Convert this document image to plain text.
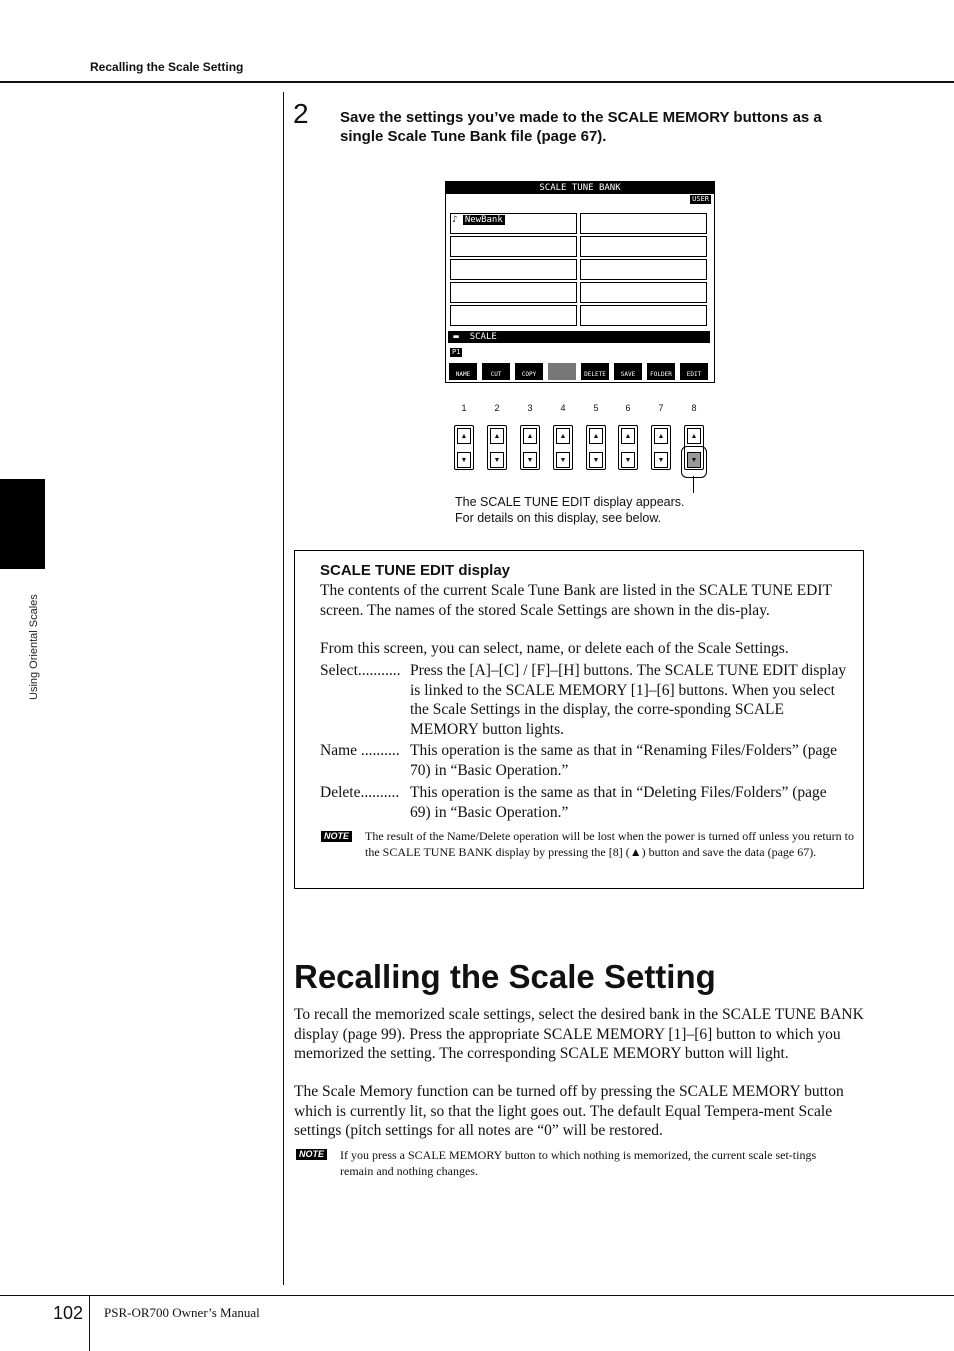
Recalling the Scale Setting
Using Oriental Scales
2 Save the settings you’ve made to the SCALE MEMORY buttons as a single Scale Tune Bank file (page 67).
SCALE TUNE BANK
USER
♪ NewBank
▬  SCALE
P1
NAME	CUT	COPY	DELETE	SAVE	FOLDER	EDIT
1	2	3	4	5	6	7	8
▲
▼
▲
▼
▲
▼
▲
▼
▲
▼
▲
▼
▲
▼
▲
▼
The SCALE TUNE EDIT display appears.
For details on this display, see below.
SCALE TUNE EDIT display
The contents of the current Scale Tune Bank are listed in the SCALE TUNE EDIT screen. The names of the stored Scale Settings are shown in the dis-play.
From this screen, you can select, name, or delete each of the Scale Settings.
Select........... Press the [A]–[C] / [F]–[H] buttons. The SCALE TUNE EDIT display is linked to the SCALE MEMORY [1]–[6] buttons. When you select the Scale Settings in the display, the corre-sponding SCALE MEMORY button lights.
Name .......... This operation is the same as that in “Renaming Files/Folders” (page 70) in “Basic Operation.”
Delete.......... This operation is the same as that in “Deleting Files/Folders” (page 69) in “Basic Operation.”
NOTE The result of the Name/Delete operation will be lost when the power is turned off unless you return to the SCALE TUNE BANK display by pressing the [8] (▲) button and save the data (page 67).
Recalling the Scale Setting
To recall the memorized scale settings, select the desired bank in the SCALE TUNE BANK display (page 99). Press the appropriate SCALE MEMORY [1]–[6] button to which you memorized the setting. The corresponding SCALE MEMORY button will light.
The Scale Memory function can be turned off by pressing the SCALE MEMORY button which is currently lit, so that the light goes out. The default Equal Tempera-ment Scale settings (pitch settings for all notes are “0” will be restored.
NOTE If you press a SCALE MEMORY button to which nothing is memorized, the current scale set-tings remain and nothing changes.
102 PSR-OR700 Owner’s Manual
